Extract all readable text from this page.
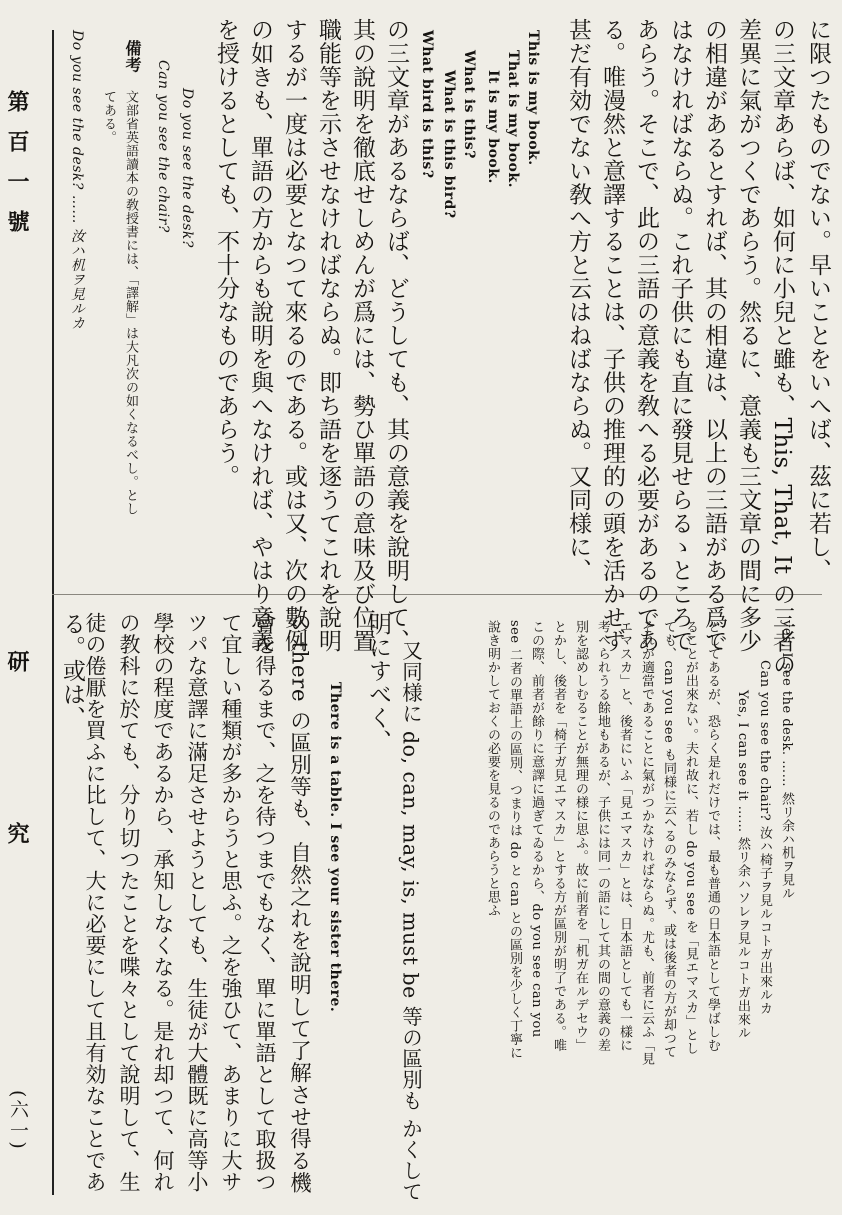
第百一號
研究
(六一)
に限つたものでない。早いことをいへば、茲に若し、
yes, I see the desk. …… 然リ余ハ机ヲ見ル
Can you see the chair? 汝ハ椅子ヲ見ルコトガ出來ルカ
Yes, I can see it …… 然リ余ハソレヲ見ルコトガ出來ル
としてあるが、恐らく是れだけでは、最も普通の日本語として學ばしむ
ることが出來ない。夫れ故に、若し do you see を「見エマスカ」とし
ても、can you see も同様に云へるのみならず、或は後者の方が却つて
それが適當であることに氣がつかなければならぬ。尤も、前者に云ふ「見
エマスカ」と、後者にいふ「見エマスカ」とは、日本語としても一樣に
考へられうる餘地もあるが、子供には同一の語にして其の間の意義の差
別を認めしむることが無理の様に思ふ。故に前者を「机ガ在ルデセウ」
とかし、後者を「椅子ガ見エマスカ」とする方が區別が明了である。唯
この際、前者が餘りに意譯に過ぎてゐるから、do you see can you
see 二者の單語上の區別、つまりは do と can との區別を少しく丁寧に
說き明かしておくの必要を見るのであらうと思ふ
又同様に do, can, may, is, must be 等の區別も かくして
明にすべく、
There is a table. I see your sister there.
の there の區別等も、自然之れを說明して了解させ得る機
會を得るまで、之を待つまでもなく、單に單語として取扱つ
て宜しい種類が多からうと思ふ。之を強ひて、あまりに大サ
ツパな意譯に滿足させようとしても、生徒が大體既に高等小
學校の程度であるから、承知しなくなる。是れ却つて、何れ
の教科に於ても、分り切つたことを喋々として說明して、生
徒の倦厭を買ふに比して、大に必要にして且有効なことであ
る。或は、	の三文章あらば、如何に小兒と雖も、This, That, It の三者の
差異に氣がつくであらう。然るに、意義も三文章の間に多少
の相違があるとすれば、其の相違は、以上の三語がある爲で
はなければならぬ。これ子供にも直に發見せらるゝところで
あらう。そこで、此の三語の意義を敎へる必要があるのであ
る。唯漫然と意譯することは、子供の推理的の頭を活かせず
甚だ有効でない敎へ方と云はねばならぬ。又同様に、
This is my book.
That is my book.
It is my book.
What is this?
What is this bird?
What bird is this?
の三文章があるならば、どうしても、其の意義を說明して、
其の說明を徹底せしめんが爲には、勢ひ單語の意味及び位置
職能等を示させなければならぬ。即ち語を逐うてこれを說明
するが一度は必要となつて來るのである。或は又、次の數例
の如きも、單語の方からも說明を與へなければ、やはり意義
を授けるとしても、不十分なものであらう。
Do you see the desk?
Can you see the chair?
備考
文部省英語讀本の敎授書には、「譯解」は大凡次の如くなるべし。とし
てある。
Do you see the desk? …… 汝ハ机ヲ見ルカ
